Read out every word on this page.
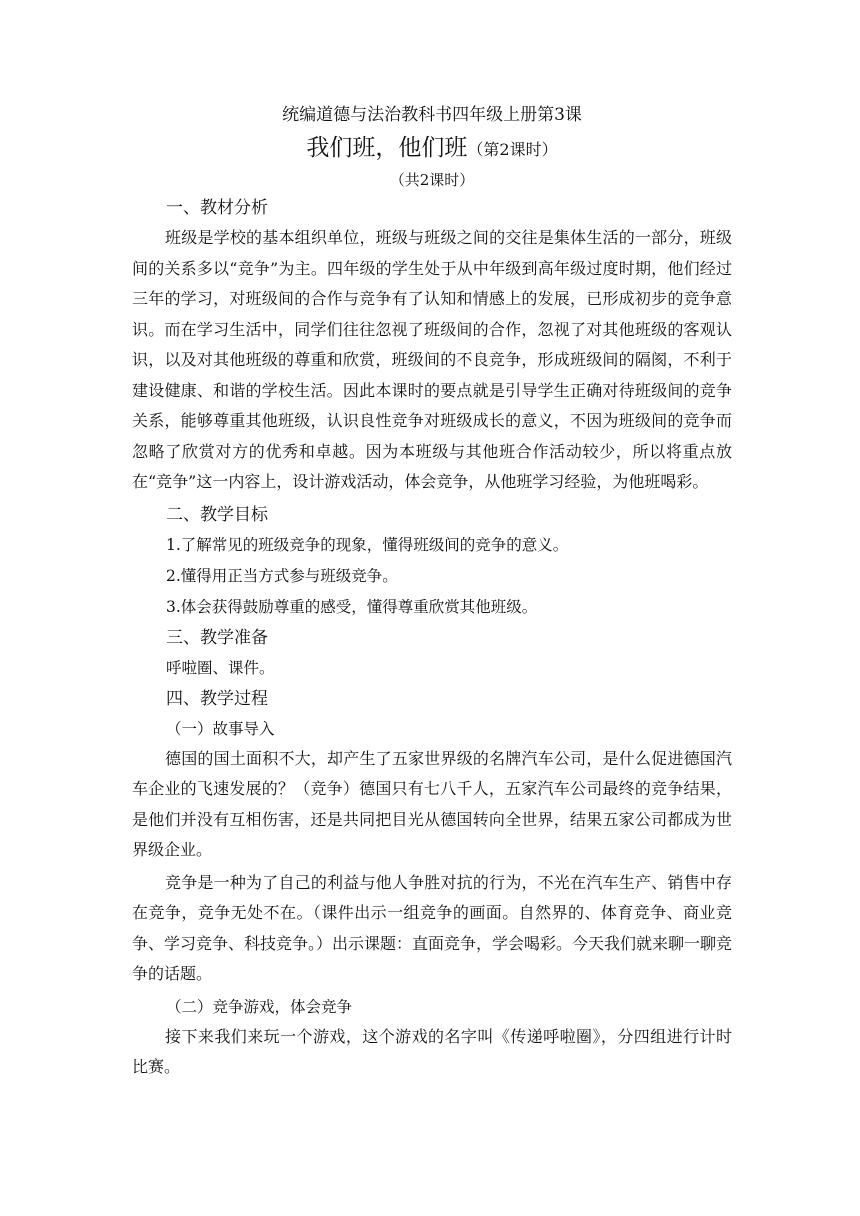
统编道德与法治教科书四年级上册第3课
我们班，他们班（第2课时）
（共2课时）
一、教材分析

班级是学校的基本组织单位，班级与班级之间的交往是集体生活的一部分，班级间的关系多以“竞争”为主。四年级的学生处于从中年级到高年级过度时期，他们经过三年的学习，对班级间的合作与竞争有了认知和情感上的发展，已形成初步的竞争意识。而在学习生活中，同学们往往忽视了班级间的合作，忽视了对其他班级的客观认识，以及对其他班级的尊重和欣赏，班级间的不良竞争，形成班级间的隔阂，不利于建设健康、和谐的学校生活。因此本课时的要点就是引导学生正确对待班级间的竞争关系，能够尊重其他班级，认识良性竞争对班级成长的意义，不因为班级间的竞争而忽略了欣赏对方的优秀和卓越。因为本班级与其他班合作活动较少，所以将重点放在“竞争”这一内容上，设计游戏活动，体会竞争，从他班学习经验，为他班喝彩。

二、教学目标
1.了解常见的班级竞争的现象，懂得班级间的竞争的意义。
2.懂得用正当方式参与班级竞争。
3.体会获得鼓励尊重的感受，懂得尊重欣赏其他班级。
三、教学准备
呼啦圈、课件。
四、教学过程
（一）故事导入

德国的国土面积不大，却产生了五家世界级的名牌汽车公司，是什么促进德国汽车企业的飞速发展的？（竞争）德国只有七八千人，五家汽车公司最终的竞争结果，是他们并没有互相伤害，还是共同把目光从德国转向全世界，结果五家公司都成为世界级企业。

竞争是一种为了自己的利益与他人争胜对抗的行为，不光在汽车生产、销售中存在竞争，竞争无处不在。（课件出示一组竞争的画面。自然界的、体育竞争、商业竞争、学习竞争、科技竞争。）出示课题：直面竞争，学会喝彩。今天我们就来聊一聊竞争的话题。

（二）竞争游戏，体会竞争

接下来我们来玩一个游戏，这个游戏的名字叫《传递呼啦圈》，分四组进行计时比赛。
